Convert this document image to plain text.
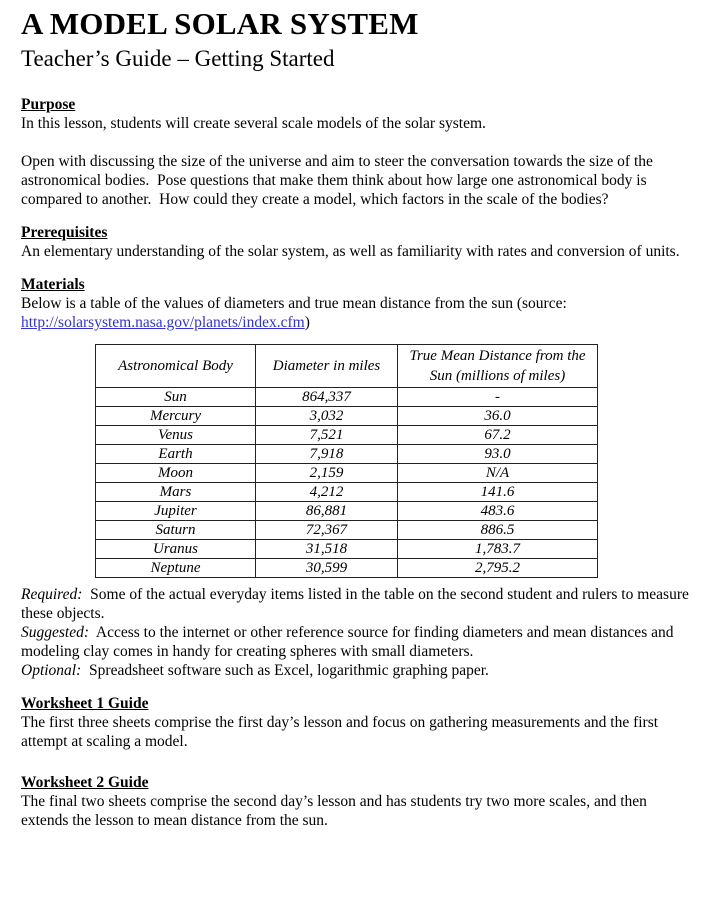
A MODEL SOLAR SYSTEM
Teacher’s Guide – Getting Started
Purpose

In this lesson, students will create several scale models of the solar system.

Open with discussing the size of the universe and aim to steer the conversation towards the size of the astronomical bodies.  Pose questions that make them think about how large one astronomical body is compared to another.  How could they create a model, which factors in the scale of the bodies?

Prerequisites

An elementary understanding of the solar system, as well as familiarity with rates and conversion of units.

Materials

Below is a table of the values of diameters and true mean distance from the sun (source:

http://solarsystem.nasa.gov/planets/index.cfm)

Astronomical Body	Diameter in miles	True Mean Distance from the Sun (millions of miles)
Sun	864,337	-
Mercury	3,032	36.0
Venus	7,521	67.2
Earth	7,918	93.0
Moon	2,159	N/A
Mars	4,212	141.6
Jupiter	86,881	483.6
Saturn	72,367	886.5
Uranus	31,518	1,783.7
Neptune	30,599	2,795.2

Required:  Some of the actual everyday items listed in the table on the second student and rulers to measure these objects.

Suggested:  Access to the internet or other reference source for finding diameters and mean distances and modeling clay comes in handy for creating spheres with small diameters.

Optional:  Spreadsheet software such as Excel, logarithmic graphing paper.

Worksheet 1 Guide

The first three sheets comprise the first day’s lesson and focus on gathering measurements and the first attempt at scaling a model.

Worksheet 2 Guide

The final two sheets comprise the second day’s lesson and has students try two more scales, and then extends the lesson to mean distance from the sun.
